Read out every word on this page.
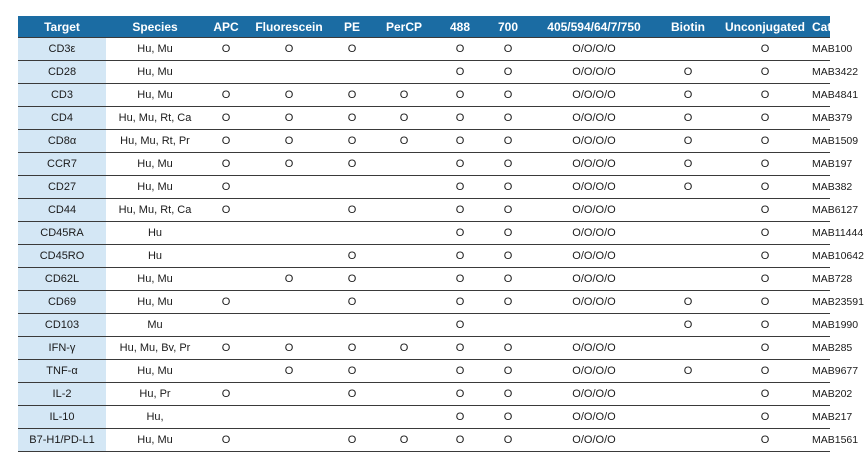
Target	Species	APC	Fluorescein	PE	PerCP	488	700	405/594/64/7/750	Biotin	Unconjugated	Cat#
CD3ε	Hu, Mu	O	O	O		O	O	O/O/O/O		O	MAB100
CD28	Hu, Mu					O	O	O/O/O/O	O	O	MAB3422
CD3	Hu, Mu	O	O	O	O	O	O	O/O/O/O	O	O	MAB4841
CD4	Hu, Mu, Rt, Ca	O	O	O	O	O	O	O/O/O/O	O	O	MAB379
CD8α	Hu, Mu, Rt, Pr	O	O	O	O	O	O	O/O/O/O	O	O	MAB1509
CCR7	Hu, Mu	O	O	O		O	O	O/O/O/O	O	O	MAB197
CD27	Hu, Mu	O				O	O	O/O/O/O	O	O	MAB382
CD44	Hu, Mu, Rt, Ca	O		O		O	O	O/O/O/O		O	MAB6127
CD45RA	Hu					O	O	O/O/O/O		O	MAB11444
CD45RO	Hu			O		O	O	O/O/O/O		O	MAB10642
CD62L	Hu, Mu		O	O		O	O	O/O/O/O		O	MAB728
CD69	Hu, Mu	O		O		O	O	O/O/O/O	O	O	MAB23591
CD103	Mu					O			O	O	MAB1990
IFN-γ	Hu, Mu, Bv, Pr	O	O	O	O	O	O	O/O/O/O		O	MAB285
TNF-α	Hu, Mu		O	O		O	O	O/O/O/O	O	O	MAB9677
IL-2	Hu, Pr	O		O		O	O	O/O/O/O		O	MAB202
IL-10	Hu,					O	O	O/O/O/O		O	MAB217
B7-H1/PD-L1	Hu, Mu	O		O	O	O	O	O/O/O/O		O	MAB1561
